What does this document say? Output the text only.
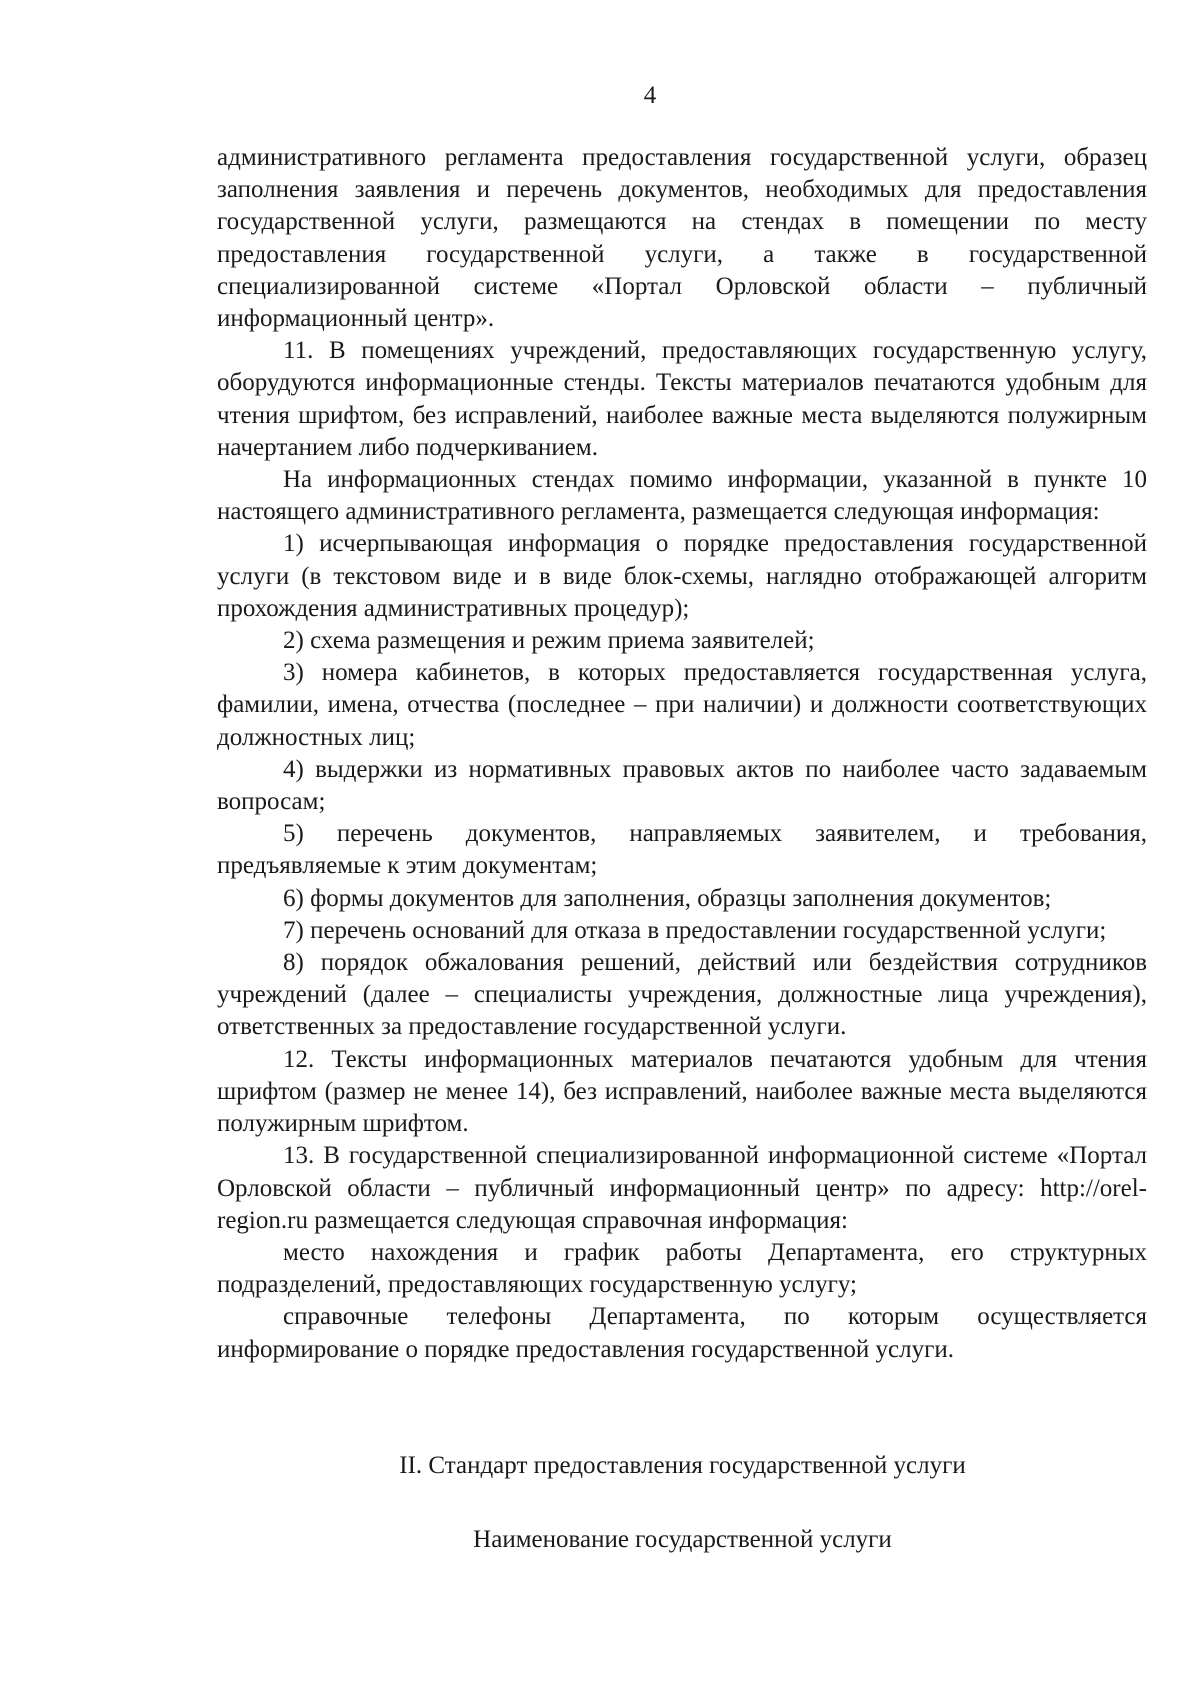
4

административного регламента предоставления государственной услуги, образец заполнения заявления и перечень документов, необходимых для предоставления государственной услуги, размещаются на стендах в помещении по месту предоставления государственной услуги, а также в государственной специализированной системе «Портал Орловской области – публичный информационный центр».

11. В помещениях учреждений, предоставляющих государственную услугу, оборудуются информационные стенды. Тексты материалов печатаются удобным для чтения шрифтом, без исправлений, наиболее важные места выделяются полужирным начертанием либо подчеркиванием.

На информационных стендах помимо информации, указанной в пункте 10 настоящего административного регламента, размещается следующая информация:

1) исчерпывающая информация о порядке предоставления государственной услуги (в текстовом виде и в виде блок-схемы, наглядно отображающей алгоритм прохождения административных процедур);

2) схема размещения и режим приема заявителей;

3) номера кабинетов, в которых предоставляется государственная услуга, фамилии, имена, отчества (последнее – при наличии) и должности соответствующих должностных лиц;

4) выдержки из нормативных правовых актов по наиболее часто задаваемым вопросам;

5) перечень документов, направляемых заявителем, и требования, предъявляемые к этим документам;

6) формы документов для заполнения, образцы заполнения документов;

7) перечень оснований для отказа в предоставлении государственной услуги;

8) порядок обжалования решений, действий или бездействия сотрудников учреждений (далее – специалисты учреждения, должностные лица учреждения), ответственных за предоставление государственной услуги.

12. Тексты информационных материалов печатаются удобным для чтения шрифтом (размер не менее 14), без исправлений, наиболее важные места выделяются полужирным шрифтом.

13. В государственной специализированной информационной системе «Портал Орловской области – публичный информационный центр» по адресу: http://orel-region.ru размещается следующая справочная информация:

место нахождения и график работы Департамента, его структурных подразделений, предоставляющих государственную услугу;

справочные телефоны Департамента, по которым осуществляется информирование о порядке предоставления государственной услуги.

II. Стандарт предоставления государственной услуги
Наименование государственной услуги
